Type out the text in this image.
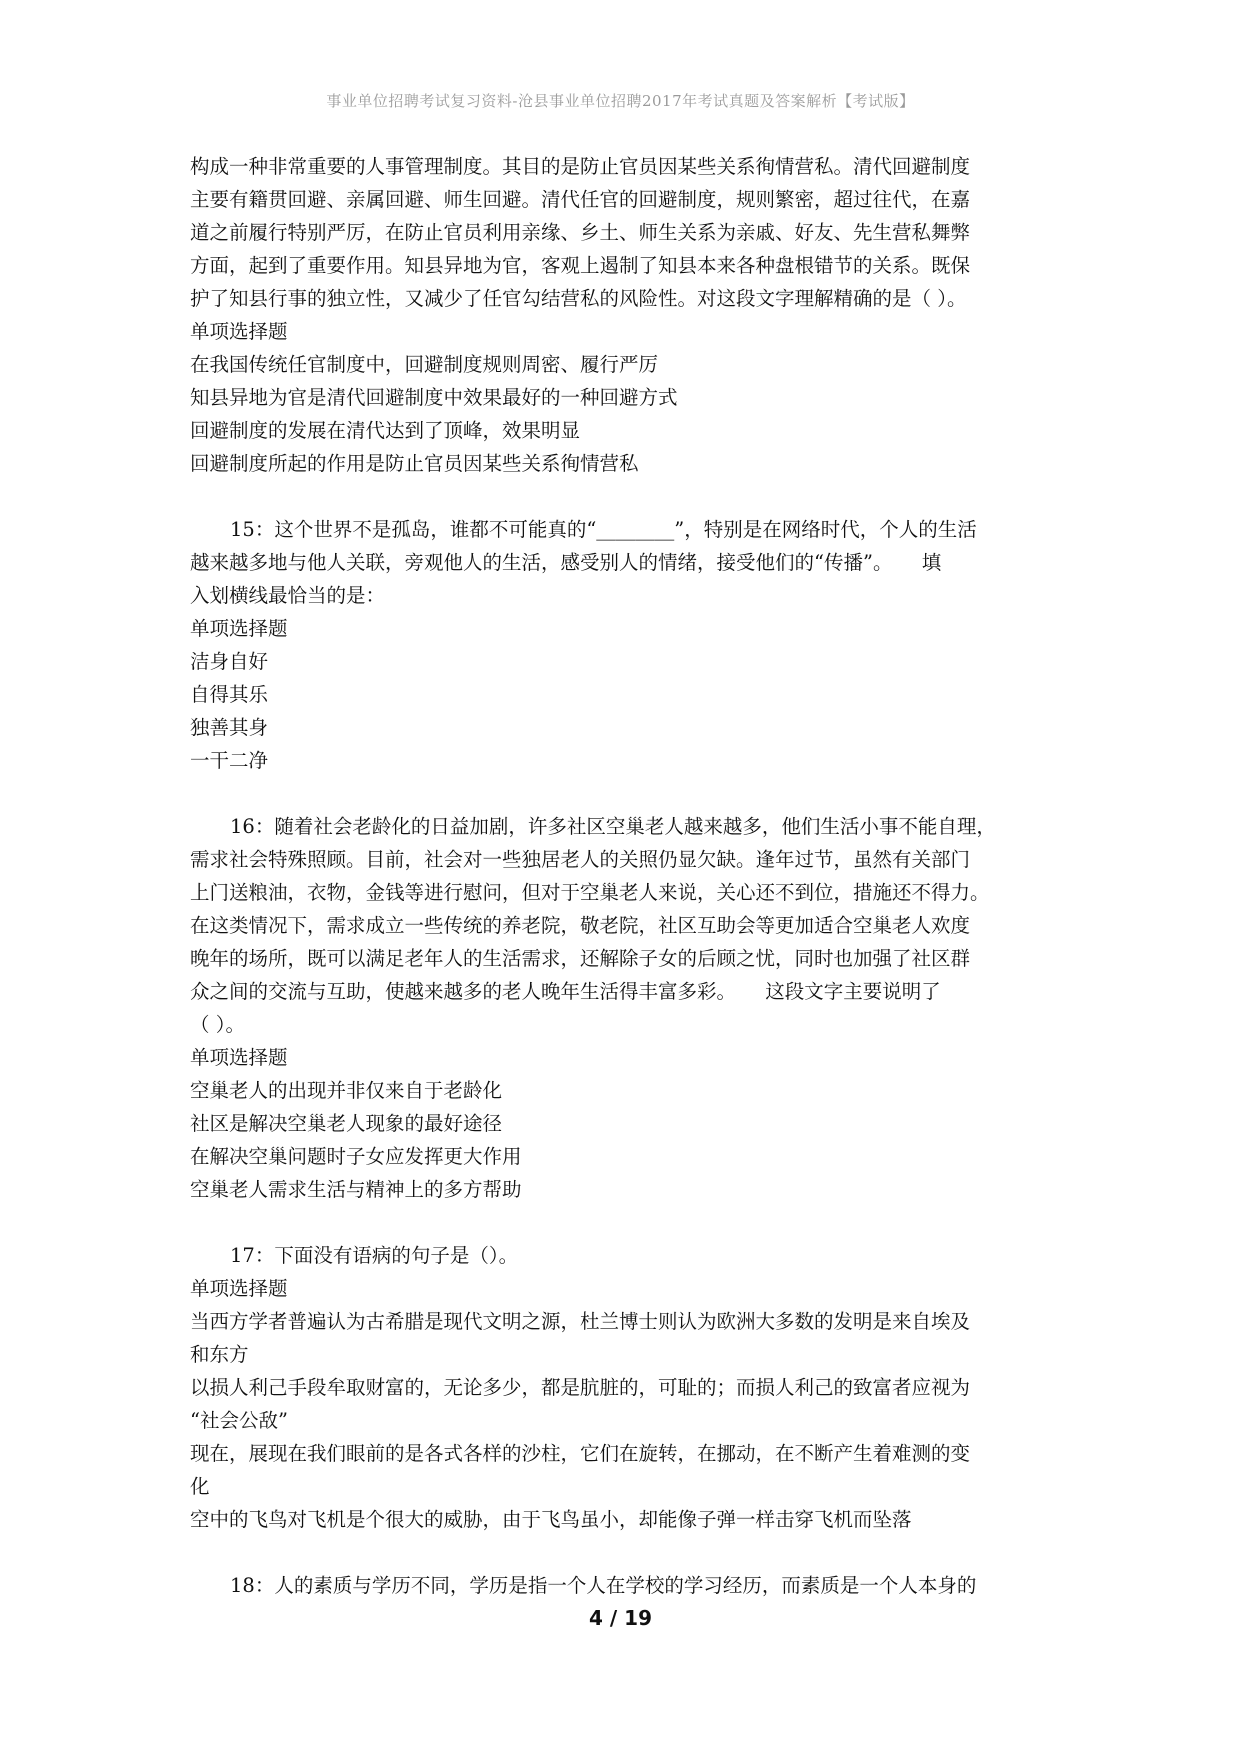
事业单位招聘考试复习资料-沧县事业单位招聘2017年考试真题及答案解析【考试版】
构成一种非常重要的人事管理制度。其目的是防止官员因某些关系徇情营私。清代回避制度
主要有籍贯回避、亲属回避、师生回避。清代任官的回避制度，规则繁密，超过往代，在嘉
道之前履行特别严厉，在防止官员利用亲缘、乡土、师生关系为亲戚、好友、先生营私舞弊
方面，起到了重要作用。知县异地为官，客观上遏制了知县本来各种盘根错节的关系。既保
护了知县行事的独立性，又减少了任官勾结营私的风险性。对这段文字理解精确的是（ ）。
单项选择题
在我国传统任官制度中，回避制度规则周密、履行严厉
知县异地为官是清代回避制度中效果最好的一种回避方式
回避制度的发展在清代达到了顶峰，效果明显
回避制度所起的作用是防止官员因某些关系徇情营私
15：这个世界不是孤岛，谁都不可能真的“________”，特别是在网络时代，个人的生活
越来越多地与他人关联，旁观他人的生活，感受别人的情绪，接受他们的“传播”。　　填
入划横线最恰当的是：
单项选择题
洁身自好
自得其乐
独善其身
一干二净
16：随着社会老龄化的日益加剧，许多社区空巢老人越来越多，他们生活小事不能自理，
需求社会特殊照顾。目前，社会对一些独居老人的关照仍显欠缺。逢年过节，虽然有关部门
上门送粮油，衣物，金钱等进行慰问，但对于空巢老人来说，关心还不到位，措施还不得力。
在这类情况下，需求成立一些传统的养老院，敬老院，社区互助会等更加适合空巢老人欢度
晚年的场所，既可以满足老年人的生活需求，还解除子女的后顾之忧，同时也加强了社区群
众之间的交流与互助，使越来越多的老人晚年生活得丰富多彩。　　这段文字主要说明了
（ ）。
单项选择题
空巢老人的出现并非仅来自于老龄化
社区是解决空巢老人现象的最好途径
在解决空巢问题时子女应发挥更大作用
空巢老人需求生活与精神上的多方帮助
17：下面没有语病的句子是（）。
单项选择题
当西方学者普遍认为古希腊是现代文明之源，杜兰博士则认为欧洲大多数的发明是来自埃及
和东方
以损人利己手段牟取财富的，无论多少，都是肮脏的，可耻的；而损人利己的致富者应视为
“社会公敌”
现在，展现在我们眼前的是各式各样的沙柱，它们在旋转，在挪动，在不断产生着难测的变
化
空中的飞鸟对飞机是个很大的威胁，由于飞鸟虽小，却能像子弹一样击穿飞机而坠落
18：人的素质与学历不同，学历是指一个人在学校的学习经历，而素质是一个人本身的
4 / 19
